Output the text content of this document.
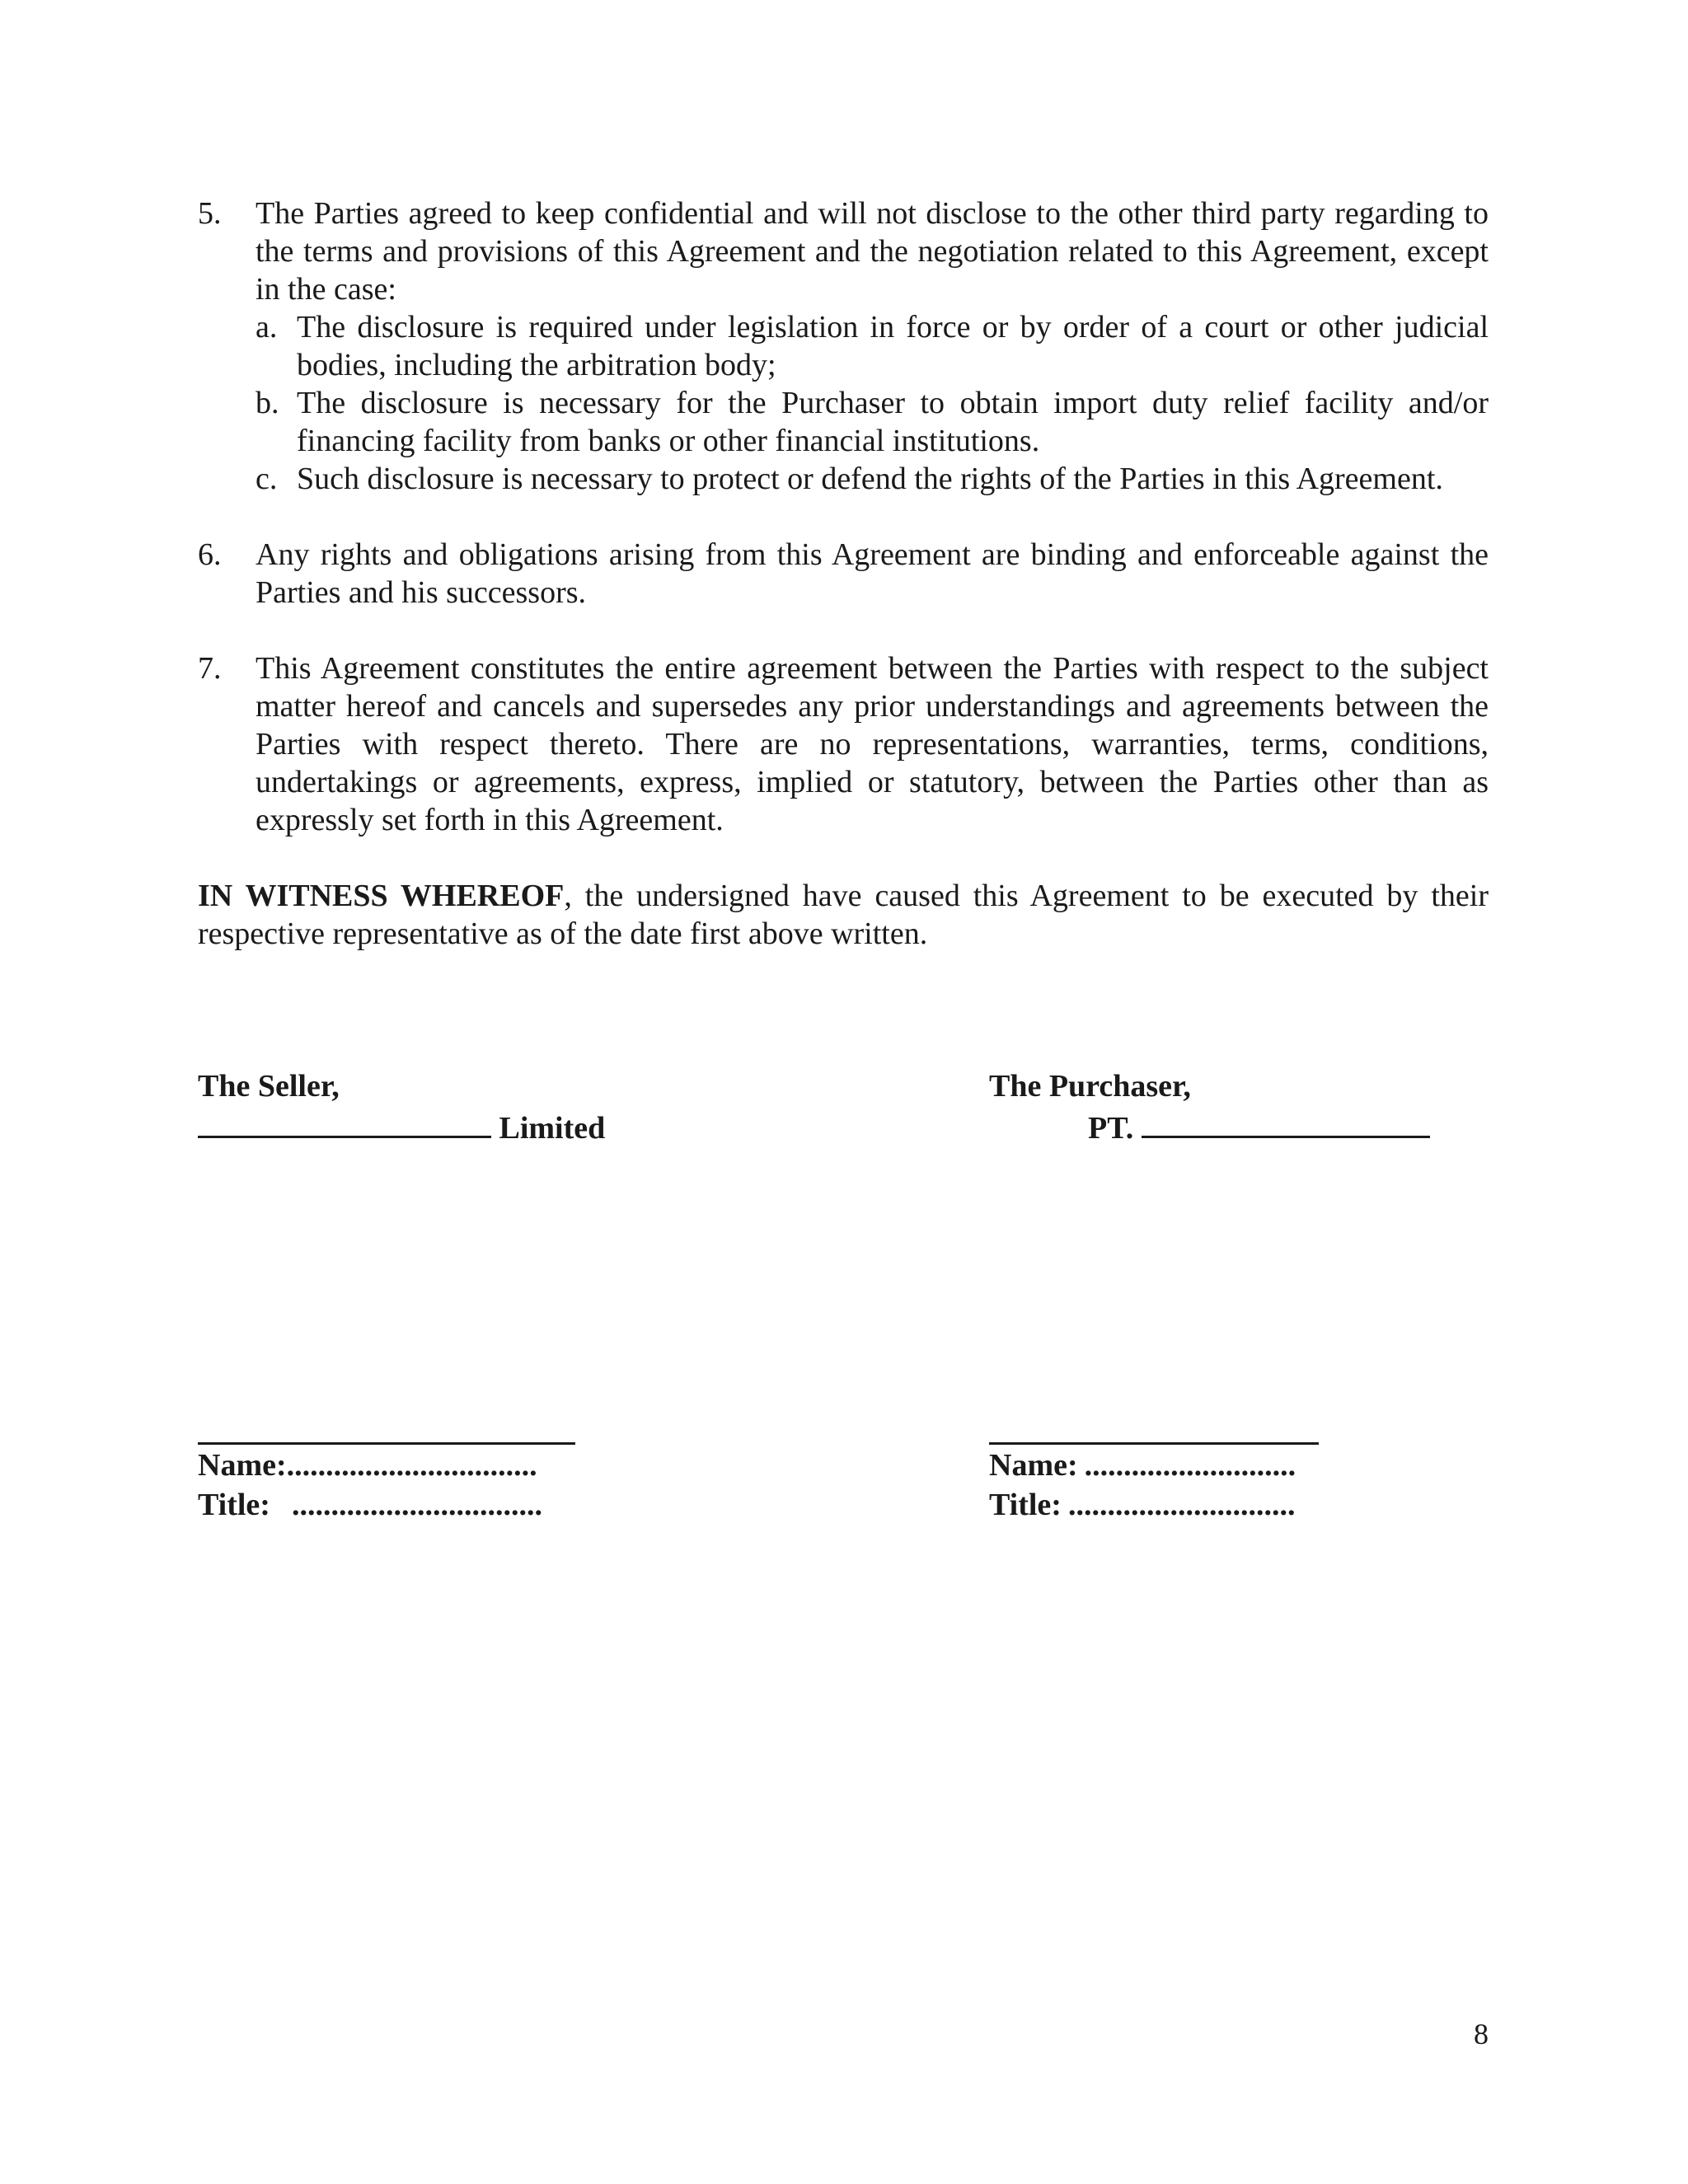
5.	The Parties agreed to keep confidential and will not disclose to the other third party regarding to the terms and provisions of this Agreement and the negotiation related to this Agreement, except in the case:
a. The disclosure is required under legislation in force or by order of a court or other judicial bodies, including the arbitration body;
b. The disclosure is necessary for the Purchaser to obtain import duty relief facility and/or financing facility from banks or other financial institutions.
c. Such disclosure is necessary to protect or defend the rights of the Parties in this Agreement.
6.	Any rights and obligations arising from this Agreement are binding and enforceable against the Parties and his successors.
7.	This Agreement constitutes the entire agreement between the Parties with respect to the subject matter hereof and cancels and supersedes any prior understandings and agreements between the Parties with respect thereto. There are no representations, warranties, terms, conditions, undertakings or agreements, express, implied or statutory, between the Parties other than as expressly set forth in this Agreement.

IN WITNESS WHEREOF, the undersigned have caused this Agreement to be executed by their respective representative as of the date first above written.

The Seller,
Limited
The Purchaser,
PT.
Name:................................
Title: ................................
Name: ...........................
Title: .............................
8
